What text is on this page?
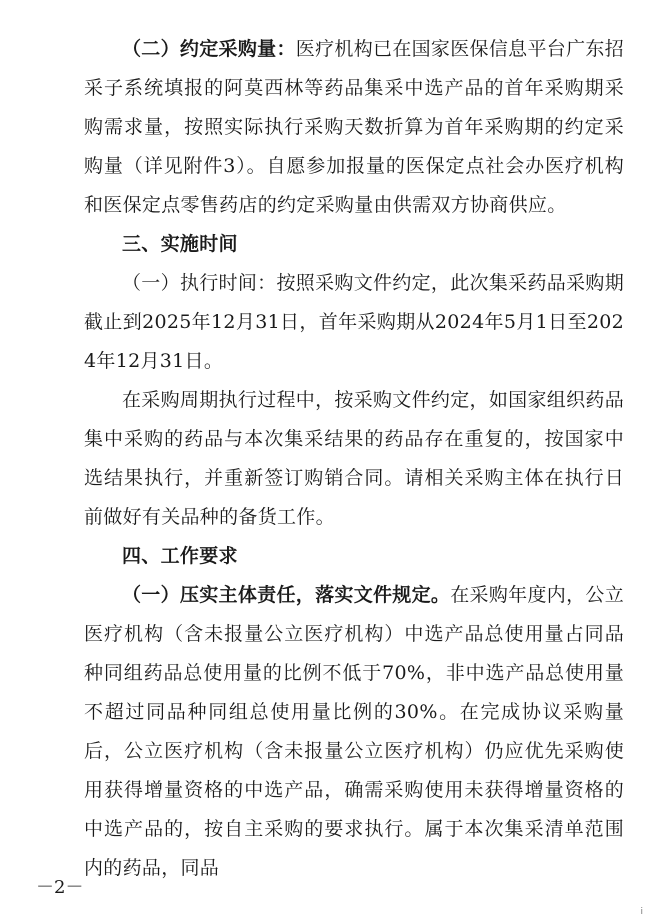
（二）约定采购量：医疗机构已在国家医保信息平台广东招采子系统填报的阿莫西林等药品集采中选产品的首年采购期采购需求量，按照实际执行采购天数折算为首年采购期的约定采购量（详见附件3）。自愿参加报量的医保定点社会办医疗机构和医保定点零售药店的约定采购量由供需双方协商供应。

三、实施时间

（一）执行时间：按照采购文件约定，此次集采药品采购期截止到2025年12月31日，首年采购期从2024年5月1日至2024年12月31日。

在采购周期执行过程中，按采购文件约定，如国家组织药品集中采购的药品与本次集采结果的药品存在重复的，按国家中选结果执行，并重新签订购销合同。请相关采购主体在执行日前做好有关品种的备货工作。

四、工作要求

（一）压实主体责任，落实文件规定。在采购年度内，公立医疗机构（含未报量公立医疗机构）中选产品总使用量占同品种同组药品总使用量的比例不低于70%，非中选产品总使用量不超过同品种同组总使用量比例的30%。在完成协议采购量后，公立医疗机构（含未报量公立医疗机构）仍应优先采购使用获得增量资格的中选产品，确需采购使用未获得增量资格的中选产品的，按自主采购的要求执行。属于本次集采清单范围内的药品，同品

－2－
i
